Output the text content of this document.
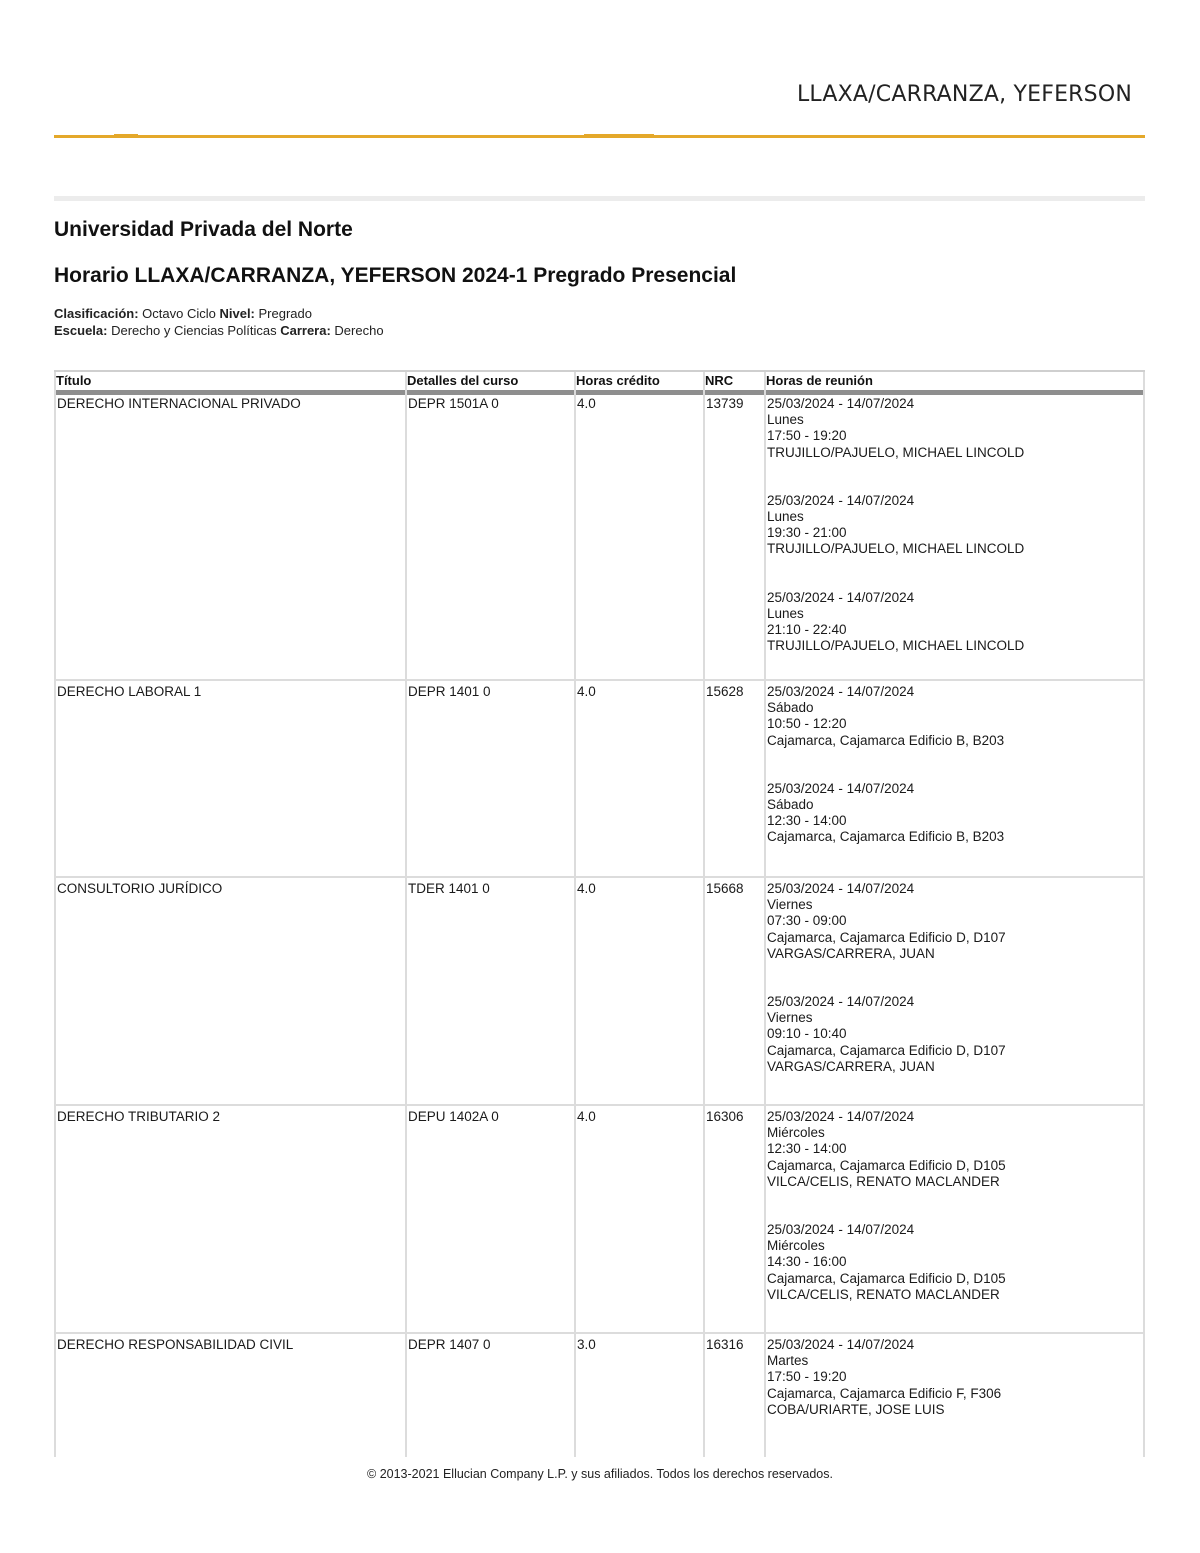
LLAXA/CARRANZA, YEFERSON
Universidad Privada del Norte
Horario LLAXA/CARRANZA, YEFERSON 2024-1 Pregrado Presencial
Clasificación: Octavo Ciclo Nivel: Pregrado
Escuela: Derecho y Ciencias Políticas Carrera: Derecho
Título	Detalles del curso	Horas crédito	NRC	Horas de reunión
DERECHO INTERNACIONAL PRIVADO	DEPR 1501A 0	4.0	13739 25/03/2024 - 14/07/2024
Lunes
17:50 - 19:20
TRUJILLO/PAJUELO, MICHAEL LINCOLD
25/03/2024 - 14/07/2024
Lunes
19:30 - 21:00
TRUJILLO/PAJUELO, MICHAEL LINCOLD
25/03/2024 - 14/07/2024
Lunes
21:10 - 22:40
TRUJILLO/PAJUELO, MICHAEL LINCOLD
DERECHO LABORAL 1	DEPR 1401 0	4.0	15628 25/03/2024 - 14/07/2024
Sábado
10:50 - 12:20
Cajamarca, Cajamarca Edificio B, B203
25/03/2024 - 14/07/2024
Sábado
12:30 - 14:00
Cajamarca, Cajamarca Edificio B, B203
CONSULTORIO JURÍDICO	TDER 1401 0	4.0	15668 25/03/2024 - 14/07/2024
Viernes
07:30 - 09:00
Cajamarca, Cajamarca Edificio D, D107
VARGAS/CARRERA, JUAN
25/03/2024 - 14/07/2024
Viernes
09:10 - 10:40
Cajamarca, Cajamarca Edificio D, D107
VARGAS/CARRERA, JUAN
DERECHO TRIBUTARIO 2	DEPU 1402A 0	4.0	16306 25/03/2024 - 14/07/2024
Miércoles
12:30 - 14:00
Cajamarca, Cajamarca Edificio D, D105
VILCA/CELIS, RENATO MACLANDER
25/03/2024 - 14/07/2024
Miércoles
14:30 - 16:00
Cajamarca, Cajamarca Edificio D, D105
VILCA/CELIS, RENATO MACLANDER
DERECHO RESPONSABILIDAD CIVIL	DEPR 1407 0	3.0	16316 25/03/2024 - 14/07/2024
Martes
17:50 - 19:20
Cajamarca, Cajamarca Edificio F, F306
COBA/URIARTE, JOSE LUIS
© 2013-2021 Ellucian Company L.P. y sus afiliados. Todos los derechos reservados.
